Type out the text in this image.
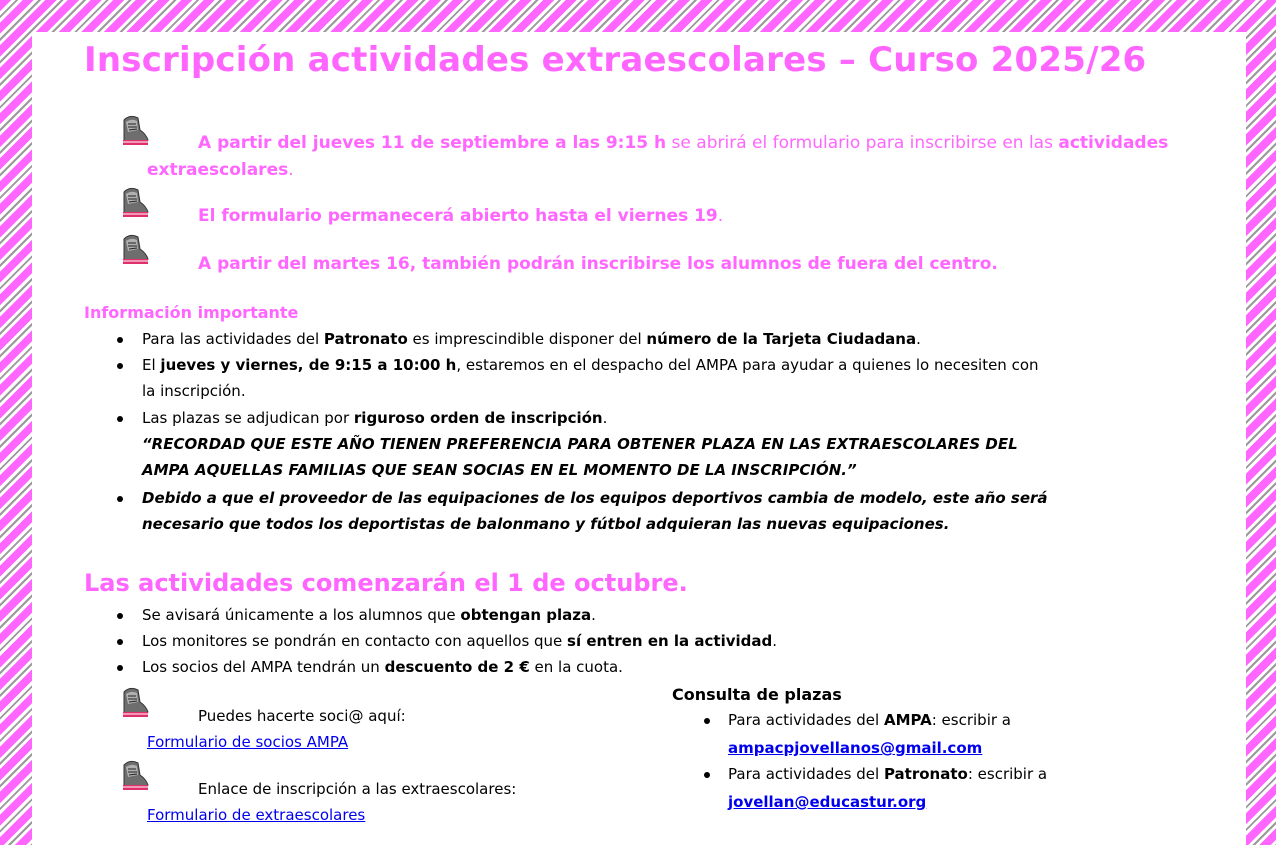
Inscripción actividades extraescolares – Curso 2025/26
A partir del jueves 11 de septiembre a las 9:15 h se abrirá el formulario para inscribirse en las actividades
extraescolares.
El formulario permanecerá abierto hasta el viernes 19.
A partir del martes 16, también podrán inscribirse los alumnos de fuera del centro.
Información importante
Para las actividades del Patronato es imprescindible disponer del número de la Tarjeta Ciudadana.
El jueves y viernes, de 9:15 a 10:00 h, estaremos en el despacho del AMPA para ayudar a quienes lo necesiten con
la inscripción.
Las plazas se adjudican por riguroso orden de inscripción.
“RECORDAD QUE ESTE AÑO TIENEN PREFERENCIA PARA OBTENER PLAZA EN LAS EXTRAESCOLARES DEL
AMPA AQUELLAS FAMILIAS QUE SEAN SOCIAS EN EL MOMENTO DE LA INSCRIPCIÓN.”
Debido a que el proveedor de las equipaciones de los equipos deportivos cambia de modelo, este año será
necesario que todos los deportistas de balonmano y fútbol adquieran las nuevas equipaciones.
Las actividades comenzarán el 1 de octubre.
Se avisará únicamente a los alumnos que obtengan plaza.
Los monitores se pondrán en contacto con aquellos que sí entren en la actividad.
Los socios del AMPA tendrán un descuento de 2 € en la cuota.
Puedes hacerte soci@ aquí:
Formulario de socios AMPA
Enlace de inscripción a las extraescolares:
Formulario de extraescolares
Consulta de plazas
Para actividades del AMPA: escribir a
ampacpjovellanos@gmail.com
Para actividades del Patronato: escribir a
jovellan@educastur.org
